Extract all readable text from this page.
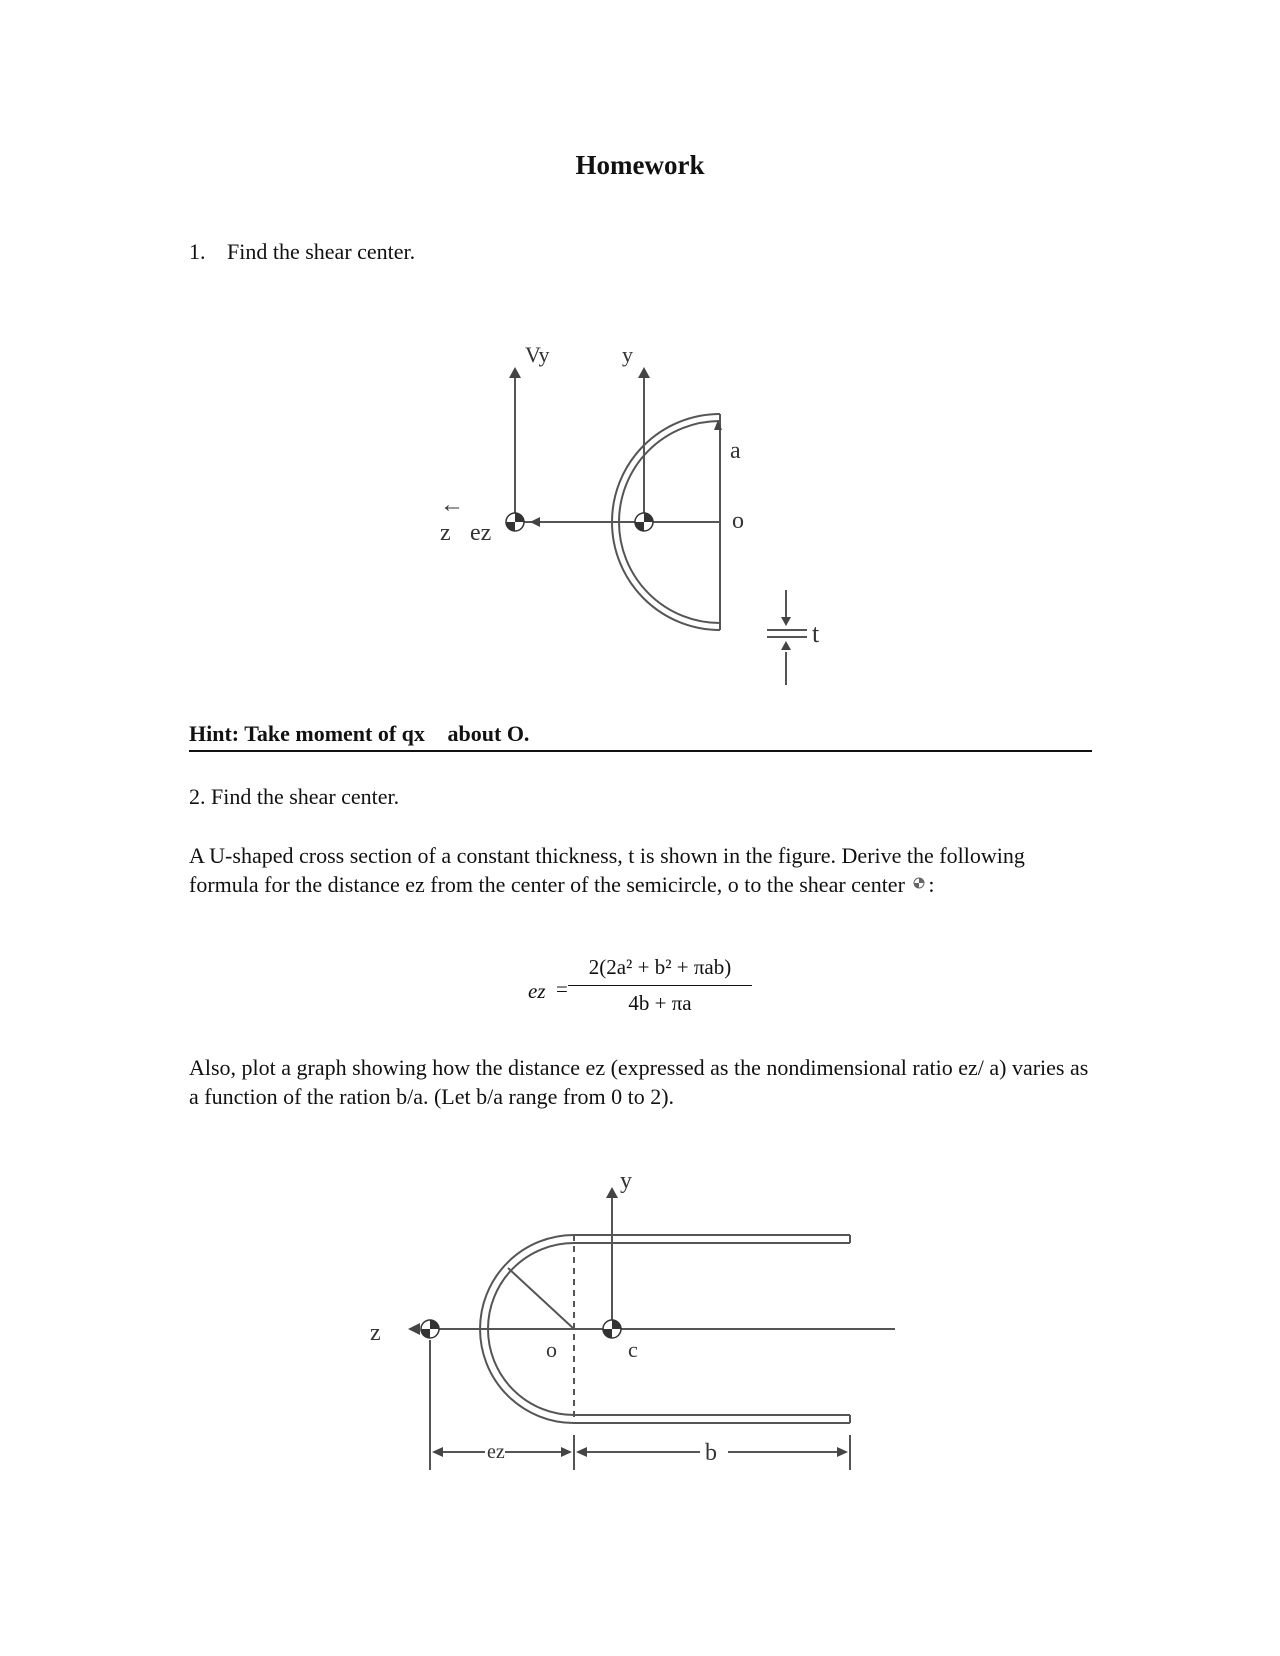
Homework
1. Find the shear center.
Vy	y
a
o
←
z ez
t
Hint: Take moment of qx  about O.
2. Find the shear center.
A U-shaped cross section of a constant thickness, t is shown in the figure. Derive the following formula for the distance ez from the center of the semicircle, o to the shear center :
ez =
2(2a² + b² + πab)
4b + πa
Also, plot a graph showing how the distance ez (expressed as the nondimensional ratio ez/ a) varies as a function of the ration b/a. (Let b/a range from 0 to 2).
y
z
o	c
ez	b
